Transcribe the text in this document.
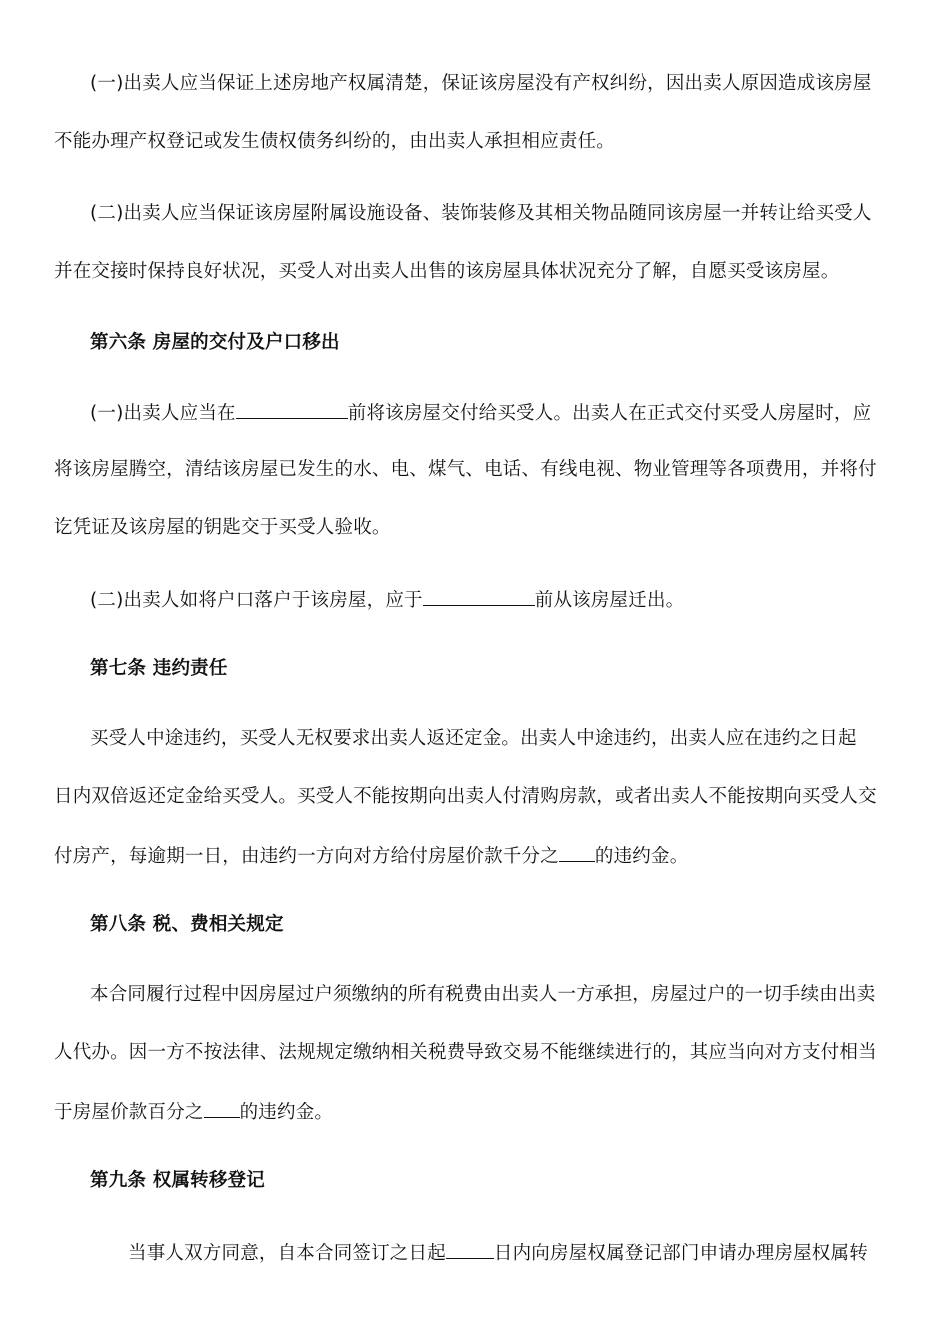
(一)出卖人应当保证上述房地产权属清楚，保证该房屋没有产权纠纷，因出卖人原因造成该房屋
不能办理产权登记或发生债权债务纠纷的，由出卖人承担相应责任。
(二)出卖人应当保证该房屋附属设施设备、装饰装修及其相关物品随同该房屋一并转让给买受人
并在交接时保持良好状况，买受人对出卖人出售的该房屋具体状况充分了解，自愿买受该房屋。
第六条 房屋的交付及户口移出
(一)出卖人应当在	前将该房屋交付给买受人。出卖人在正式交付买受人房屋时，应
将该房屋腾空，清结该房屋已发生的水、电、煤气、电话、有线电视、物业管理等各项费用，并将付
讫凭证及该房屋的钥匙交于买受人验收。
(二)出卖人如将户口落户于该房屋，应于	前从该房屋迁出。
第七条 违约责任
买受人中途违约，买受人无权要求出卖人返还定金。出卖人中途违约，出卖人应在违约之日起
日内双倍返还定金给买受人。买受人不能按期向出卖人付清购房款，或者出卖人不能按期向买受人交
付房产，每逾期一日，由违约一方向对方给付房屋价款千分之 的违约金。
第八条 税、费相关规定
本合同履行过程中因房屋过户须缴纳的所有税费由出卖人一方承担，房屋过户的一切手续由出卖
人代办。因一方不按法律、法规规定缴纳相关税费导致交易不能继续进行的，其应当向对方支付相当
于房屋价款百分之 的违约金。
第九条 权属转移登记
当事人双方同意，自本合同签订之日起	日内向房屋权属登记部门申请办理房屋权属转
